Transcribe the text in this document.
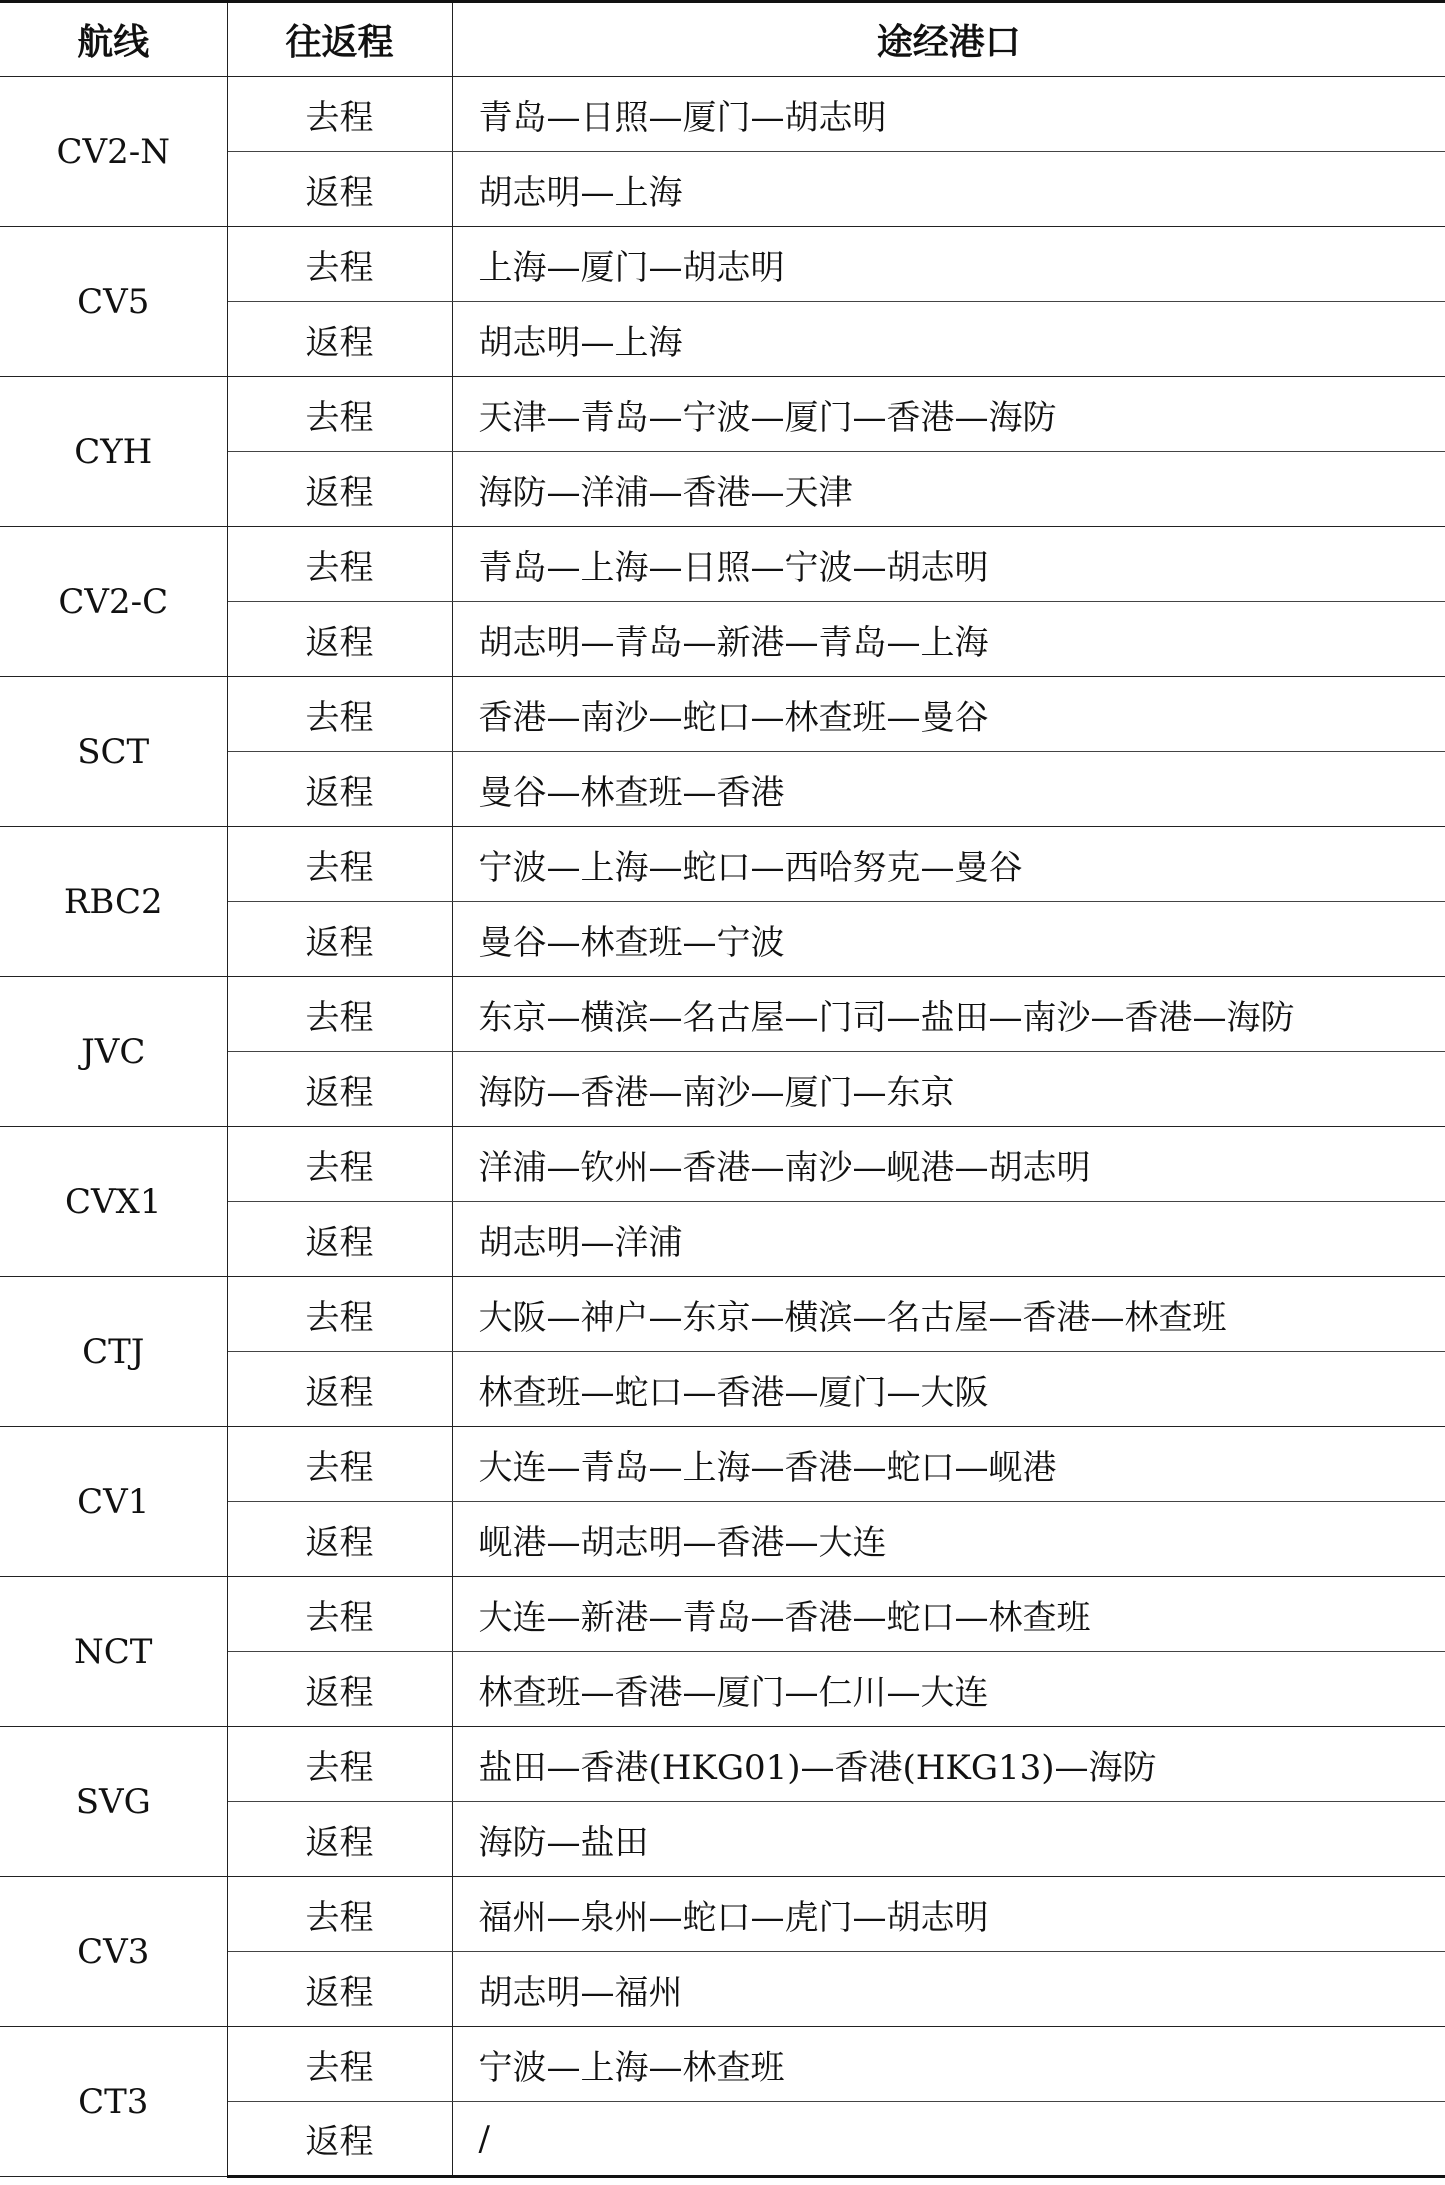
航线	往返程	途经港口
CV2-N	去程	青岛—日照—厦门—胡志明
	返程	胡志明—上海
CV5	去程	上海—厦门—胡志明
	返程	胡志明—上海
CYH	去程	天津—青岛—宁波—厦门—香港—海防
	返程	海防—洋浦—香港—天津
CV2-C	去程	青岛—上海—日照—宁波—胡志明
	返程	胡志明—青岛—新港—青岛—上海
SCT	去程	香港—南沙—蛇口—林查班—曼谷
	返程	曼谷—林查班—香港
RBC2	去程	宁波—上海—蛇口—西哈努克—曼谷
	返程	曼谷—林查班—宁波
JVC	去程	东京—横滨—名古屋—门司—盐田—南沙—香港—海防
	返程	海防—香港—南沙—厦门—东京
CVX1	去程	洋浦—钦州—香港—南沙—岘港—胡志明
	返程	胡志明—洋浦
CTJ	去程	大阪—神户—东京—横滨—名古屋—香港—林查班
	返程	林查班—蛇口—香港—厦门—大阪
CV1	去程	大连—青岛—上海—香港—蛇口—岘港
	返程	岘港—胡志明—香港—大连
NCT	去程	大连—新港—青岛—香港—蛇口—林查班
	返程	林查班—香港—厦门—仁川—大连
SVG	去程	盐田—香港(HKG01)—香港(HKG13)—海防
	返程	海防—盐田
CV3	去程	福州—泉州—蛇口—虎门—胡志明
	返程	胡志明—福州
CT3	去程	宁波—上海—林查班
	返程	/
